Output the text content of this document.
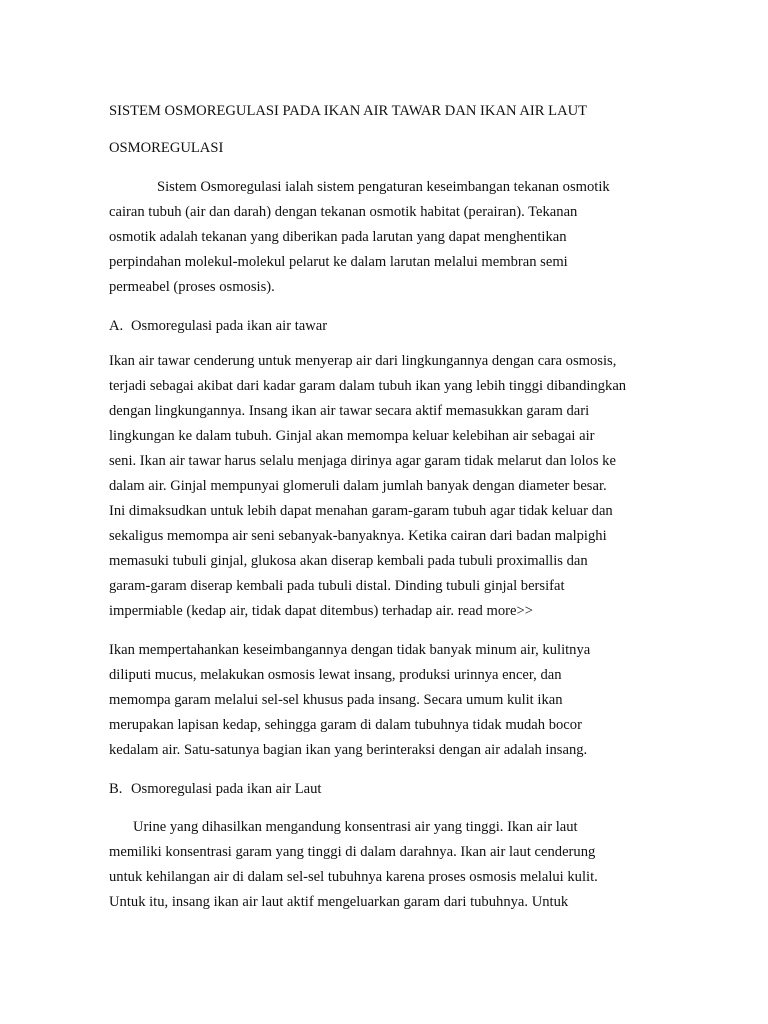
SISTEM OSMOREGULASI PADA IKAN AIR TAWAR DAN IKAN AIR LAUT

OSMOREGULASI

Sistem Osmoregulasi ialah sistem pengaturan keseimbangan tekanan osmotik

cairan tubuh (air dan darah) dengan tekanan osmotik habitat (perairan). Tekanan

osmotik adalah tekanan yang diberikan pada larutan yang dapat menghentikan

perpindahan molekul-molekul pelarut ke dalam larutan melalui membran semi

permeabel (proses osmosis).

A. Osmoregulasi pada ikan air tawar

Ikan air tawar cenderung untuk menyerap air dari lingkungannya dengan cara osmosis,

terjadi sebagai akibat dari kadar garam dalam tubuh ikan yang lebih tinggi dibandingkan

dengan lingkungannya. Insang ikan air tawar secara aktif memasukkan garam dari

lingkungan ke dalam tubuh. Ginjal akan memompa keluar kelebihan air sebagai air

seni. Ikan air tawar harus selalu menjaga dirinya agar garam tidak melarut dan lolos ke

dalam air. Ginjal mempunyai glomeruli dalam jumlah banyak dengan diameter besar.

Ini dimaksudkan untuk lebih dapat menahan garam-garam tubuh agar tidak keluar dan

sekaligus memompa air seni sebanyak-banyaknya. Ketika cairan dari badan malpighi

memasuki tubuli ginjal, glukosa akan diserap kembali pada tubuli proximallis dan

garam-garam diserap kembali pada tubuli distal. Dinding tubuli ginjal bersifat

impermiable (kedap air, tidak dapat ditembus) terhadap air. read more>>

Ikan mempertahankan keseimbangannya dengan tidak banyak minum air, kulitnya

diliputi mucus, melakukan osmosis lewat insang, produksi urinnya encer, dan

memompa garam melalui sel-sel khusus pada insang. Secara umum kulit ikan

merupakan lapisan kedap, sehingga garam di dalam tubuhnya tidak mudah bocor

kedalam air. Satu-satunya bagian ikan yang berinteraksi dengan air adalah insang.

B. Osmoregulasi pada ikan air Laut

Urine yang dihasilkan mengandung konsentrasi air yang tinggi. Ikan air laut

memiliki konsentrasi garam yang tinggi di dalam darahnya. Ikan air laut cenderung

untuk kehilangan air di dalam sel-sel tubuhnya karena proses osmosis melalui kulit.

Untuk itu, insang ikan air laut aktif mengeluarkan garam dari tubuhnya. Untuk
